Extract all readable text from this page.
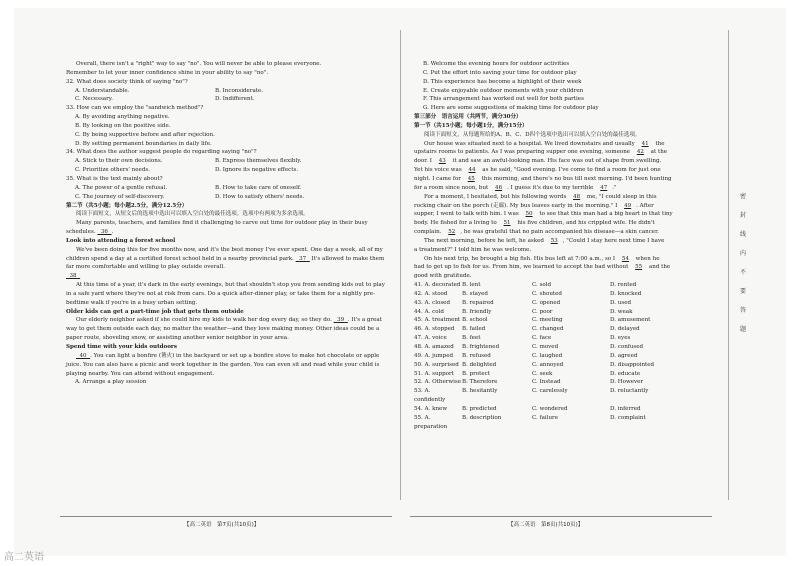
Overall, there isn't a "right" way to say "no". You will never be able to please everyone.

Remember to let your inner confidence shine in your ability to say "no".

32. What does society think of saying "no"?

A. Understandable.	B. Inconsiderate.
C. Necessary.	D. Indifferent.

33. How can we employ the "sandwich method"?

A. By avoiding anything negative.

B. By looking on the positive side.

C. By being supportive before and after rejection.

D. By setting permanent boundaries in daily life.

34. What does the author suggest people do regarding saying "no"?

A. Stick to their own decisions.	B. Express themselves flexibly.
C. Prioritize others' needs.	D. Ignore its negative effects.

35. What is the text mainly about?

A. The power of a gentle refusal.	B. How to take care of oneself.
C. The journey of self-discovery.	D. How to satisfy others' needs.

第二节（共5小题；每小题2.5分，满分12.5分）

阅读下面短文，从短文后的选项中选出可以填入空白处的最佳选项。选项中有两项为多余选项。

Many parents, teachers, and families find it challenging to carve out time for outdoor play in their busy schedules. 36 .

Look into attending a forest school

We've been doing this for five months now, and it's the best money I've ever spent. One day a week, all of my children spend a day at a certified forest school held in a nearby provincial park. 37 It's allowed to make them far more comfortable and willing to play outside overall.

38

At this time of a year, it's dark in the early evenings, but that shouldn't stop you from sending kids out to play in a safe yard where they're not at risk from cars. Do a quick after-dinner play, or take them for a nightly pre-bedtime walk if you're in a busy urban setting.

Older kids can get a part-time job that gets them outside

Our elderly neighbor asked if she could hire my kids to walk her dog every day, so they do. 39 . It's a great way to get them outside each day, no matter the weather—and they love making money. Other ideas could be a paper route, shoveling snow, or assisting another senior neighbor in your area.

Spend time with your kids outdoors

40 . You can light a bonfire (篝火) in the backyard or set up a bonfire stove to make hot chocolate or apple juice. You can also have a picnic and work together in the garden. You can even sit and read while your child is playing nearby. You can attend without engagement.

A. Arrange a play session

B. Welcome the evening hours for outdoor activities

C. Put the effort into saving your time for outdoor play

D. This experience has become a highlight of their week

E. Create enjoyable outdoor moments with your children

F. This arrangement has worked out well for both parties

G. Here are some suggestions of making time for outdoor play

第三部分　语言运用（共两节，满分30分）

第一节（共15小题；每小题1分，满分15分）

阅读下面短文，从每题所给的A、B、C、D四个选项中选出可以填入空白处的最佳选项。

Our house was situated next to a hospital. We lived downstairs and usually 41 the

upstairs rooms to patients. As I was preparing supper one evening, someone 42 at the

door. I 43 it and saw an awful-looking man. His face was out of shape from swelling.

Yet his voice was 44 as he said, "Good evening. I've come to find a room for just one

night. I came for 45 this morning, and there's no bus till next morning. I'd been hunting

for a room since noon, but 46 . I guess it's due to my terrible 47 ."

For a moment, I hesitated, but his following words 48 me, "I could sleep in this

rocking chair on the porch (走廊). My bus leaves early in the morning." I 49 . After

supper, I went to talk with him. I was 50 to see that this man had a big heart in that tiny

body. He fished for a living to 51 his five children, and his crippled wife. He didn't

complain. 52 , he was grateful that no pain accompanied his disease—a skin cancer.

The next morning, before he left, he asked 53 , "Could I stay here next time I have

a treatment?" I told him he was welcome.

On his next trip, he brought a big fish. His bus left at 7:00 a.m., so I 54 when he

had to get up to fish for us. From him, we learned to accept the bad without 55 and the

good with gratitude.

41. A. decorated B. lent	C. sold	D. rented
42. A. stood	B. stayed	C. shouted	D. knocked
43. A. closed	B. repaired	C. opened	D. used
44. A. cold	B. friendly	C. poor	D. weak
45. A. treatment B. school	C. meeting	D. amusement
46. A. stopped	B. failed	C. changed	D. delayed
47. A. voice	B. feet	C. face	D. eyes
48. A. amazed	B. frightened	C. moved	D. confused
49. A. jumped	B. refused	C. laughed	D. agreed
50. A. surprised B. delighted	C. annoyed	D. disappointed
51. A. support	B. protect	C. seek	D. educate
52. A. Otherwise B. Therefore	C. Instead	D. However
53. A. confidently
B. hesitantly	C. carelessly	D. reluctantly
54. A. knew	B. predicted	C. wondered	D. inferred
55. A. preparation
B. description	C. failure	D. complaint
【高二英语　第7页(共10页)】	【高二英语　第8页(共10页)】
密
封
线
内
不
要
答
题
高二英语
